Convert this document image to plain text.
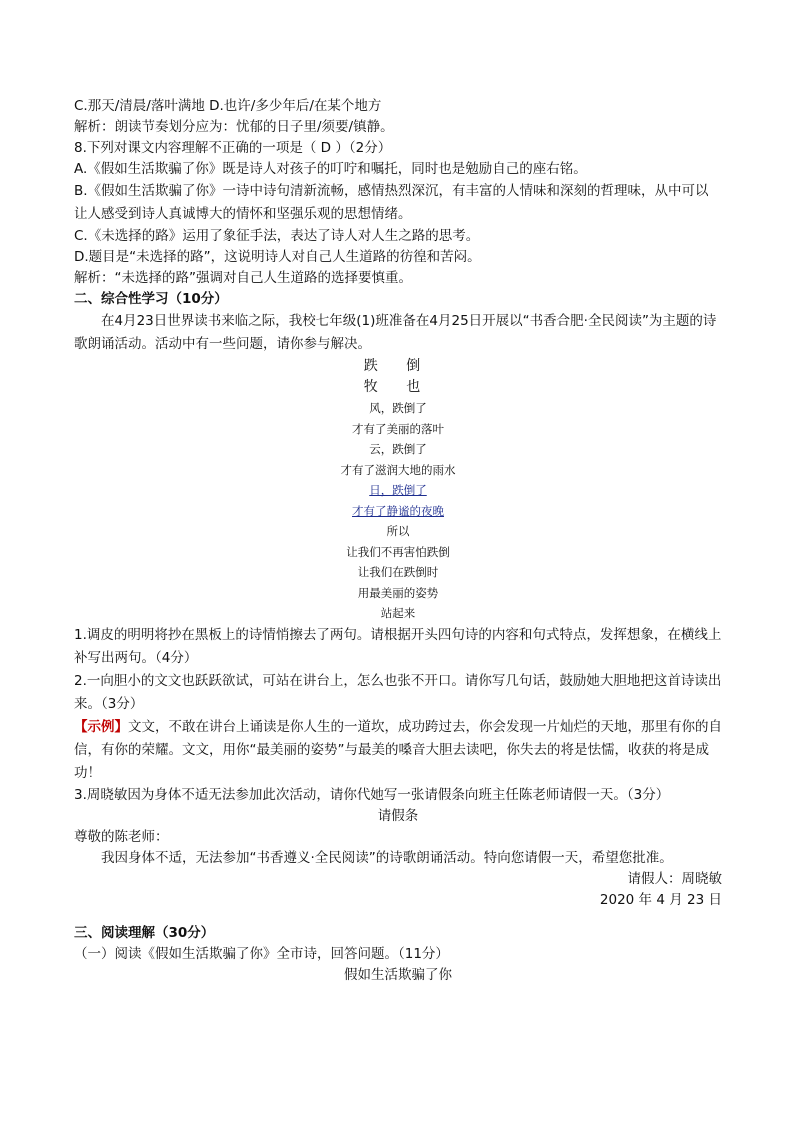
C.那天/清晨/落叶满地 D.也许/多少年后/在某个地方
解析：朗读节奏划分应为：忧郁的日子里/须要/镇静。
8.下列对课文内容理解不正确的一项是（ D ）（2分）
A.《假如生活欺骗了你》既是诗人对孩子的叮咛和嘱托，同时也是勉励自己的座右铭。
B.《假如生活欺骗了你》一诗中诗句清新流畅，感情热烈深沉，有丰富的人情味和深刻的哲理味，从中可以让人感受到诗人真诚博大的情怀和坚强乐观的思想情绪。
C.《未选择的路》运用了象征手法，表达了诗人对人生之路的思考。
D.题目是“未选择的路”，这说明诗人对自己人生道路的彷徨和苦闷。
解析：“未选择的路”强调对自己人生道路的选择要慎重。
二、综合性学习（10分）
在4月23日世界读书来临之际，我校七年级(1)班准备在4月25日开展以“书香合肥·全民阅读”为主题的诗歌朗诵活动。活动中有一些问题，请你参与解决。
跌 倒
牧 也
风，跌倒了
才有了美丽的落叶
云，跌倒了
才有了滋润大地的雨水
日，跌倒了
才有了静谧的夜晚
所以
让我们不再害怕跌倒
让我们在跌倒时
用最美丽的姿势
站起来
1.调皮的明明将抄在黑板上的诗情悄擦去了两句。请根据开头四句诗的内容和句式特点，发挥想象，在横线上补写出两句。（4分）
2.一向胆小的文文也跃跃欲试，可站在讲台上，怎么也张不开口。请你写几句话，鼓励她大胆地把这首诗读出来。（3分）
【示例】文文，不敢在讲台上诵读是你人生的一道坎，成功跨过去，你会发现一片灿烂的天地，那里有你的自信，有你的荣耀。文文，用你“最美丽的姿势”与最美的嗓音大胆去读吧，你失去的将是怯懦，收获的将是成功！
3.周晓敏因为身体不适无法参加此次活动，请你代她写一张请假条向班主任陈老师请假一天。（3分）
请假条
尊敬的陈老师：
我因身体不适，无法参加“书香遵义·全民阅读”的诗歌朗诵活动。特向您请假一天，希望您批准。
请假人：周晓敏
2020 年 4 月 23 日
三、阅读理解（30分）
（一）阅读《假如生活欺骗了你》全市诗，回答问题。（11分）
假如生活欺骗了你
